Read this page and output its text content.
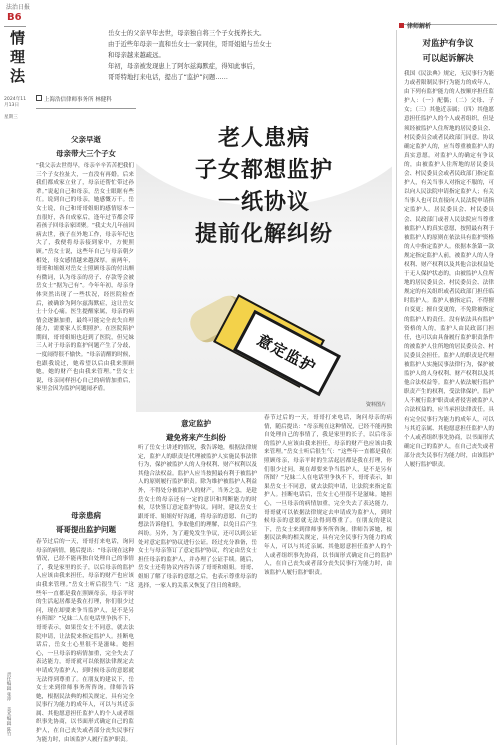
法治日报
B6
情理法
2024年11月13日
星期三
律师解析
岳女士的父亲早年去世，母亲独自将三个子女抚养长大。
由于近些年母亲一直和岳女士一家同住，哥哥姐姐与岳女士
和母亲越来越疏远。
年初，母亲被发现患上了阿尔兹海默症，得知此事后，
哥哥特地打来电话，提出了“监护”问题……
上海浩信律师事务所 林健科
老人患病
子女都想监护
一纸协议
提前化解纠纷
意定监护
资料图片
父亲早逝
母亲带大三个子女

“我父亲去世得早，母亲辛辛苦苦把我们三个子女拉扯大，一直没有再婚。后来我们都成家立业了，母亲还帮忙带过孙辈。”说起自己和母亲，岳女士眼眶有些红。说到自己的母亲，她感慨万千。岳女士说，自己和哥哥姐姐的感情原本一直很好，各自成家后，逢年过节都会带着孩子回母亲家团聚。“我丈夫几年前因病去世，孩子在外地工作，母亲年纪也大了，我便将母亲接到家中，方便照顾。”岳女士说，这些年自己与母亲朝夕相处，母女感情越来越深厚。前两年，哥哥和姐姐对岳女士照顾母亲的付出颇有微词，认为母亲的房子、存款等会被岳女士“据为己有”。今年年初，母亲身体突然出现了一些状况，经医院检查后，被确诊为阿尔兹海默症，这让岳女士十分心痛。医生提醒家属，母亲的病情会逐渐加重，最终可能完全丧失自理能力，需要家人长期照护。在医院陪护期间，哥哥姐姐也赶到了医院，但兄妹三人对于母亲的监护问题产生了分歧，一度闹得很不愉快。“母亲清醒的时候，也跟我说过，她希望以后由我来照顾她，她的财产也由我来管理。”岳女士说，母亲同样担心自己的病情加重后，家里会因为监护问题闹矛盾。

母亲患病
哥哥提出监护问题

春节过后的一天，哥哥打来电话，询问母亲的病情，随后提出：“母亲现在这种情况，已经不能再独自处理自己的事情了，我是家里的长子，以后母亲的监护人应该由我来担任，母亲的财产也应该由我来管理。”岳女士听后很生气：“这些年一直都是我在照顾母亲，母亲平时的生活起居都是我在打理，你们很少过问，现在却要来争当监护人，是不是另有所图？”兄妹二人在电话里争执不下，哥哥表示，如果岳女士不同意，就去法院申请，让法院来指定监护人。挂断电话后，岳女士心里很不是滋味。她担心，一旦母亲的病情加重，完全失去了表达能力，哥哥就可以依据法律规定去申请成为监护人，到时候母亲的意愿就无法得到尊重了。在朋友的建议下，岳女士来到律师事务所咨询。律师告诉她，根据民法典的相关规定，具有完全民事行为能力的成年人，可以与其近亲属、其他愿意担任监护人的个人或者组织事先协商，以书面形式确定自己的监护人，在自己丧失或者部分丧失民事行为能力时，由该监护人履行监护职责。

意定监护
避免将来产生纠纷

听了岳女士讲述的情况，我告诉她，根据法律规定，监护人的职责是代理被监护人实施民事法律行为，保护被监护人的人身权利、财产权利以及其他合法权益。监护人应当按照最有利于被监护人的原则履行监护职责。除为维护被监护人利益外，不得处分被监护人的财产。当务之急，是趁岳女士的母亲还有一定的意识和判断能力的时候，尽快签订意定监护协议。同时，建议岳女士跟哥哥、姐姐好好沟通，将母亲的意愿、自己的想法告诉他们，争取他们的理解，以免日后产生纠纷。另外，为了避免发生争议，还可以到公证处对意定监护协议进行公证。经过充分准备，岳女士与母亲签订了意定监护协议，约定由岳女士担任母亲的监护人，并办理了公证手续。随后，岳女士还将协议内容告诉了哥哥和姐姐。哥哥、姐姐了解了母亲的意愿之后，也表示尊重母亲的选择，一家人的关系又恢复了往日的和睦。

春节过后的一天，哥哥打来电话，询问母亲的病情，随后提出：“母亲现在这种情况，已经不能再独自处理自己的事情了，我是家里的长子，以后母亲的监护人应该由我来担任，母亲的财产也应该由我来管理。”岳女士听后很生气：“这些年一直都是我在照顾母亲，母亲平时的生活起居都是我在打理，你们很少过问，现在却要来争当监护人，是不是另有所图？”兄妹二人在电话里争执不下，哥哥表示，如果岳女士不同意，就去法院申请，让法院来指定监护人。挂断电话后，岳女士心里很不是滋味。她担心，一旦母亲的病情加重，完全失去了表达能力，哥哥就可以依据法律规定去申请成为监护人，到时候母亲的意愿就无法得到尊重了。在朋友的建议下，岳女士来到律师事务所咨询。律师告诉她，根据民法典的相关规定，具有完全民事行为能力的成年人，可以与其近亲属、其他愿意担任监护人的个人或者组织事先协商，以书面形式确定自己的监护人，在自己丧失或者部分丧失民事行为能力时，由该监护人履行监护职责。

对监护有争议
可以起诉解决

我国《民法典》规定，无民事行为能力或者限制民事行为能力的成年人，由下列有监护能力的人按顺序担任监护人：（一）配偶；（二）父母、子女；（三）其他近亲属；（四）其他愿意担任监护人的个人或者组织，但是须经被监护人住所地的居民委员会、村民委员会或者民政部门同意。协议确定监护人的，应当尊重被监护人的真实意愿。对监护人的确定有争议的，由被监护人住所地的居民委员会、村民委员会或者民政部门指定监护人，有关当事人对指定不服的，可以向人民法院申请指定监护人；有关当事人也可以直接向人民法院申请指定监护人。居民委员会、村民委员会、民政部门或者人民法院应当尊重被监护人的真实意愿，按照最有利于被监护人的原则在依法具有监护资格的人中指定监护人。依据本条第一款规定指定监护人前，被监护人的人身权利、财产权利以及其他合法权益处于无人保护状态的，由被监护人住所地的居民委员会、村民委员会、法律规定的有关组织或者民政部门担任临时监护人。监护人被指定后，不得擅自变更；擅自变更的，不免除被指定的监护人的责任。没有依法具有监护资格的人的，监护人由民政部门担任，也可以由具备履行监护职责条件的被监护人住所地的居民委员会、村民委员会担任。监护人的职责是代理被监护人实施民事法律行为，保护被监护人的人身权利、财产权利以及其他合法权益等。监护人依法履行监护职责产生的权利，受法律保护。监护人不履行监护职责或者侵害被监护人合法权益的，应当承担法律责任。具有完全民事行为能力的成年人，可以与其近亲属、其他愿意担任监护人的个人或者组织事先协商，以书面形式确定自己的监护人，在自己丧失或者部分丧失民事行为能力时，由该监护人履行监护职责。

责任编辑 张冲 美术编辑 陈竹
